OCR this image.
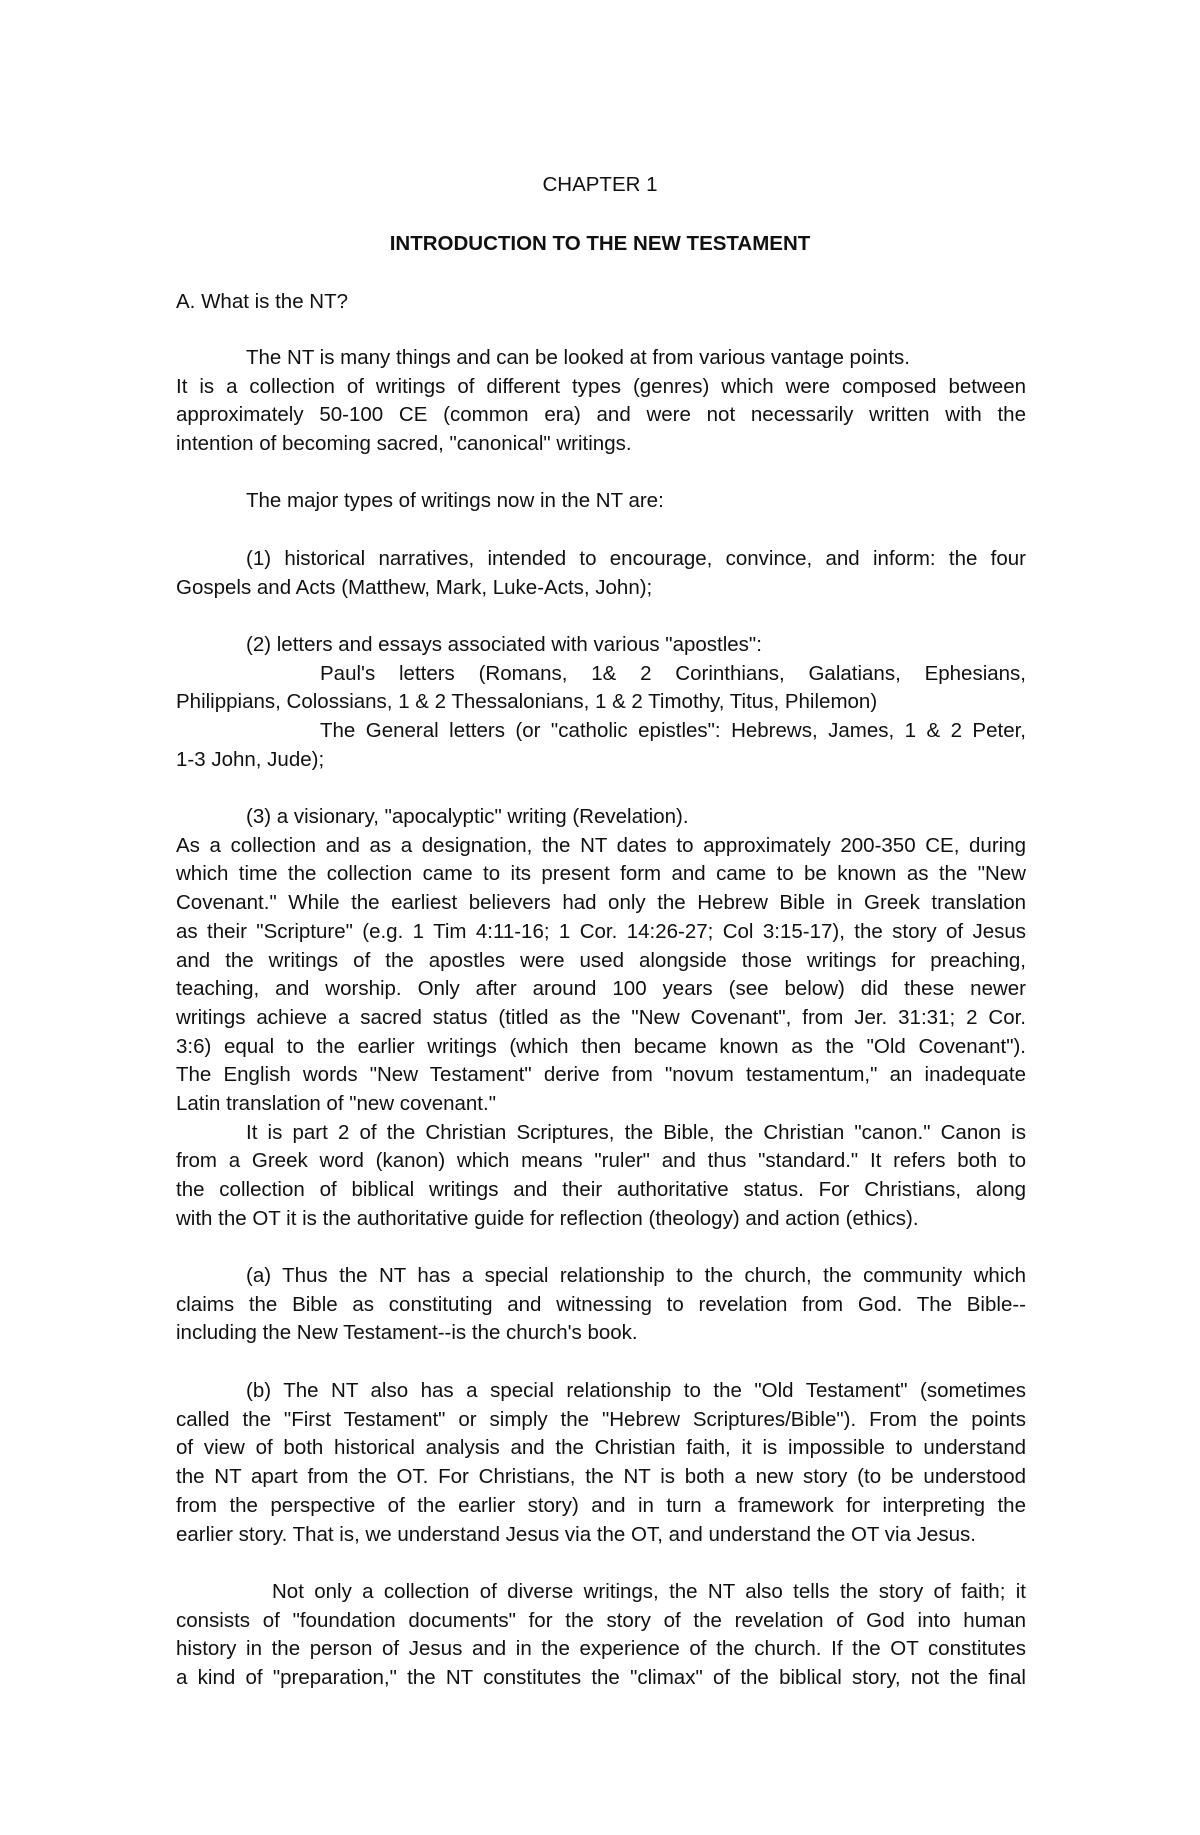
CHAPTER 1
INTRODUCTION TO THE NEW TESTAMENT
A. What is the NT?

The NT is many things and can be looked at from various vantage points.

It is a collection of writings of different types (genres) which were composed between

approximately 50-100 CE (common era) and were not necessarily written with the

intention of becoming sacred, "canonical" writings.

The major types of writings now in the NT are:

(1) historical narratives, intended to encourage, convince, and inform: the four

Gospels and Acts (Matthew, Mark, Luke-Acts, John);

(2) letters and essays associated with various "apostles":

Paul's letters (Romans, 1& 2 Corinthians, Galatians, Ephesians,

Philippians, Colossians, 1 & 2 Thessalonians, 1 & 2 Timothy, Titus, Philemon)

The General letters (or "catholic epistles": Hebrews, James, 1 & 2 Peter,

1-3 John, Jude);

(3) a visionary, "apocalyptic" writing (Revelation).

As a collection and as a designation, the NT dates to approximately 200-350 CE, during

which time the collection came to its present form and came to be known as the "New

Covenant." While the earliest believers had only the Hebrew Bible in Greek translation

as their "Scripture" (e.g. 1 Tim 4:11-16; 1 Cor. 14:26-27; Col 3:15-17), the story of Jesus

and the writings of the apostles were used alongside those writings for preaching,

teaching, and worship. Only after around 100 years (see below) did these newer

writings achieve a sacred status (titled as the "New Covenant", from Jer. 31:31; 2 Cor.

3:6) equal to the earlier writings (which then became known as the "Old Covenant").

The English words "New Testament" derive from "novum testamentum," an inadequate

Latin translation of "new covenant."

It is part 2 of the Christian Scriptures, the Bible, the Christian "canon." Canon is

from a Greek word (kanon) which means "ruler" and thus "standard." It refers both to

the collection of biblical writings and their authoritative status. For Christians, along

with the OT it is the authoritative guide for reflection (theology) and action (ethics).

(a) Thus the NT has a special relationship to the church, the community which

claims the Bible as constituting and witnessing to revelation from God. The Bible--

including the New Testament--is the church's book.

(b) The NT also has a special relationship to the "Old Testament" (sometimes

called the "First Testament" or simply the "Hebrew Scriptures/Bible"). From the points

of view of both historical analysis and the Christian faith, it is impossible to understand

the NT apart from the OT. For Christians, the NT is both a new story (to be understood

from the perspective of the earlier story) and in turn a framework for interpreting the

earlier story. That is, we understand Jesus via the OT, and understand the OT via Jesus.

Not only a collection of diverse writings, the NT also tells the story of faith; it

consists of "foundation documents" for the story of the revelation of God into human

history in the person of Jesus and in the experience of the church. If the OT constitutes

a kind of "preparation," the NT constitutes the "climax" of the biblical story, not the final
